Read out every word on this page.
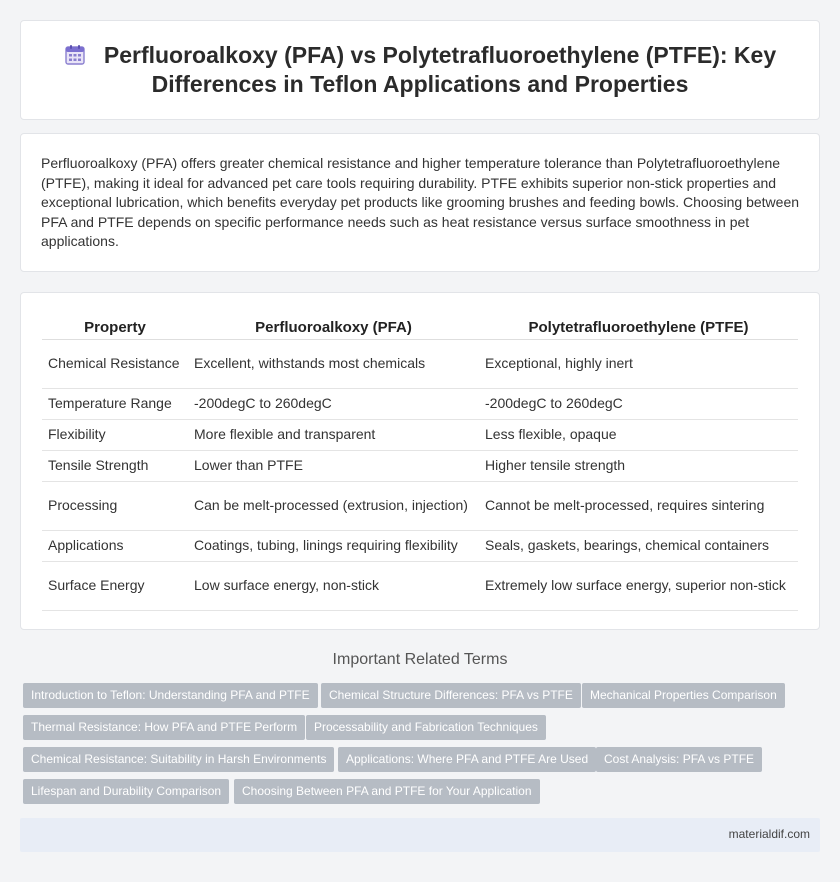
Perfluoroalkoxy (PFA) vs Polytetrafluoroethylene (PTFE): Key Differences in Teflon Applications and Properties

Perfluoroalkoxy (PFA) offers greater chemical resistance and higher temperature tolerance than Polytetrafluoroethylene (PTFE), making it ideal for advanced pet care tools requiring durability. PTFE exhibits superior non-stick properties and exceptional lubrication, which benefits everyday pet products like grooming brushes and feeding bowls. Choosing between PFA and PTFE depends on specific performance needs such as heat resistance versus surface smoothness in pet applications.

Property	Perfluoroalkoxy (PFA)	Polytetrafluoroethylene (PTFE)
Chemical Resistance	Excellent, withstands most chemicals	Exceptional, highly inert
Temperature Range	-200degC to 260degC	-200degC to 260degC
Flexibility	More flexible and transparent	Less flexible, opaque
Tensile Strength	Lower than PTFE	Higher tensile strength
Processing	Can be melt-processed (extrusion, injection)	Cannot be melt-processed, requires sintering
Applications	Coatings, tubing, linings requiring flexibility	Seals, gaskets, bearings, chemical containers
Surface Energy	Low surface energy, non-stick	Extremely low surface energy, superior non-stick
Important Related Terms
Introduction to Teflon: Understanding PFA and PTFE	Chemical Structure Differences: PFA vs PTFE	Mechanical Properties Comparison
Thermal Resistance: How PFA and PTFE Perform	Processability and Fabrication Techniques
Chemical Resistance: Suitability in Harsh Environments	Applications: Where PFA and PTFE Are Used	Cost Analysis: PFA vs PTFE
Lifespan and Durability Comparison	Choosing Between PFA and PTFE for Your Application
materialdif.com
